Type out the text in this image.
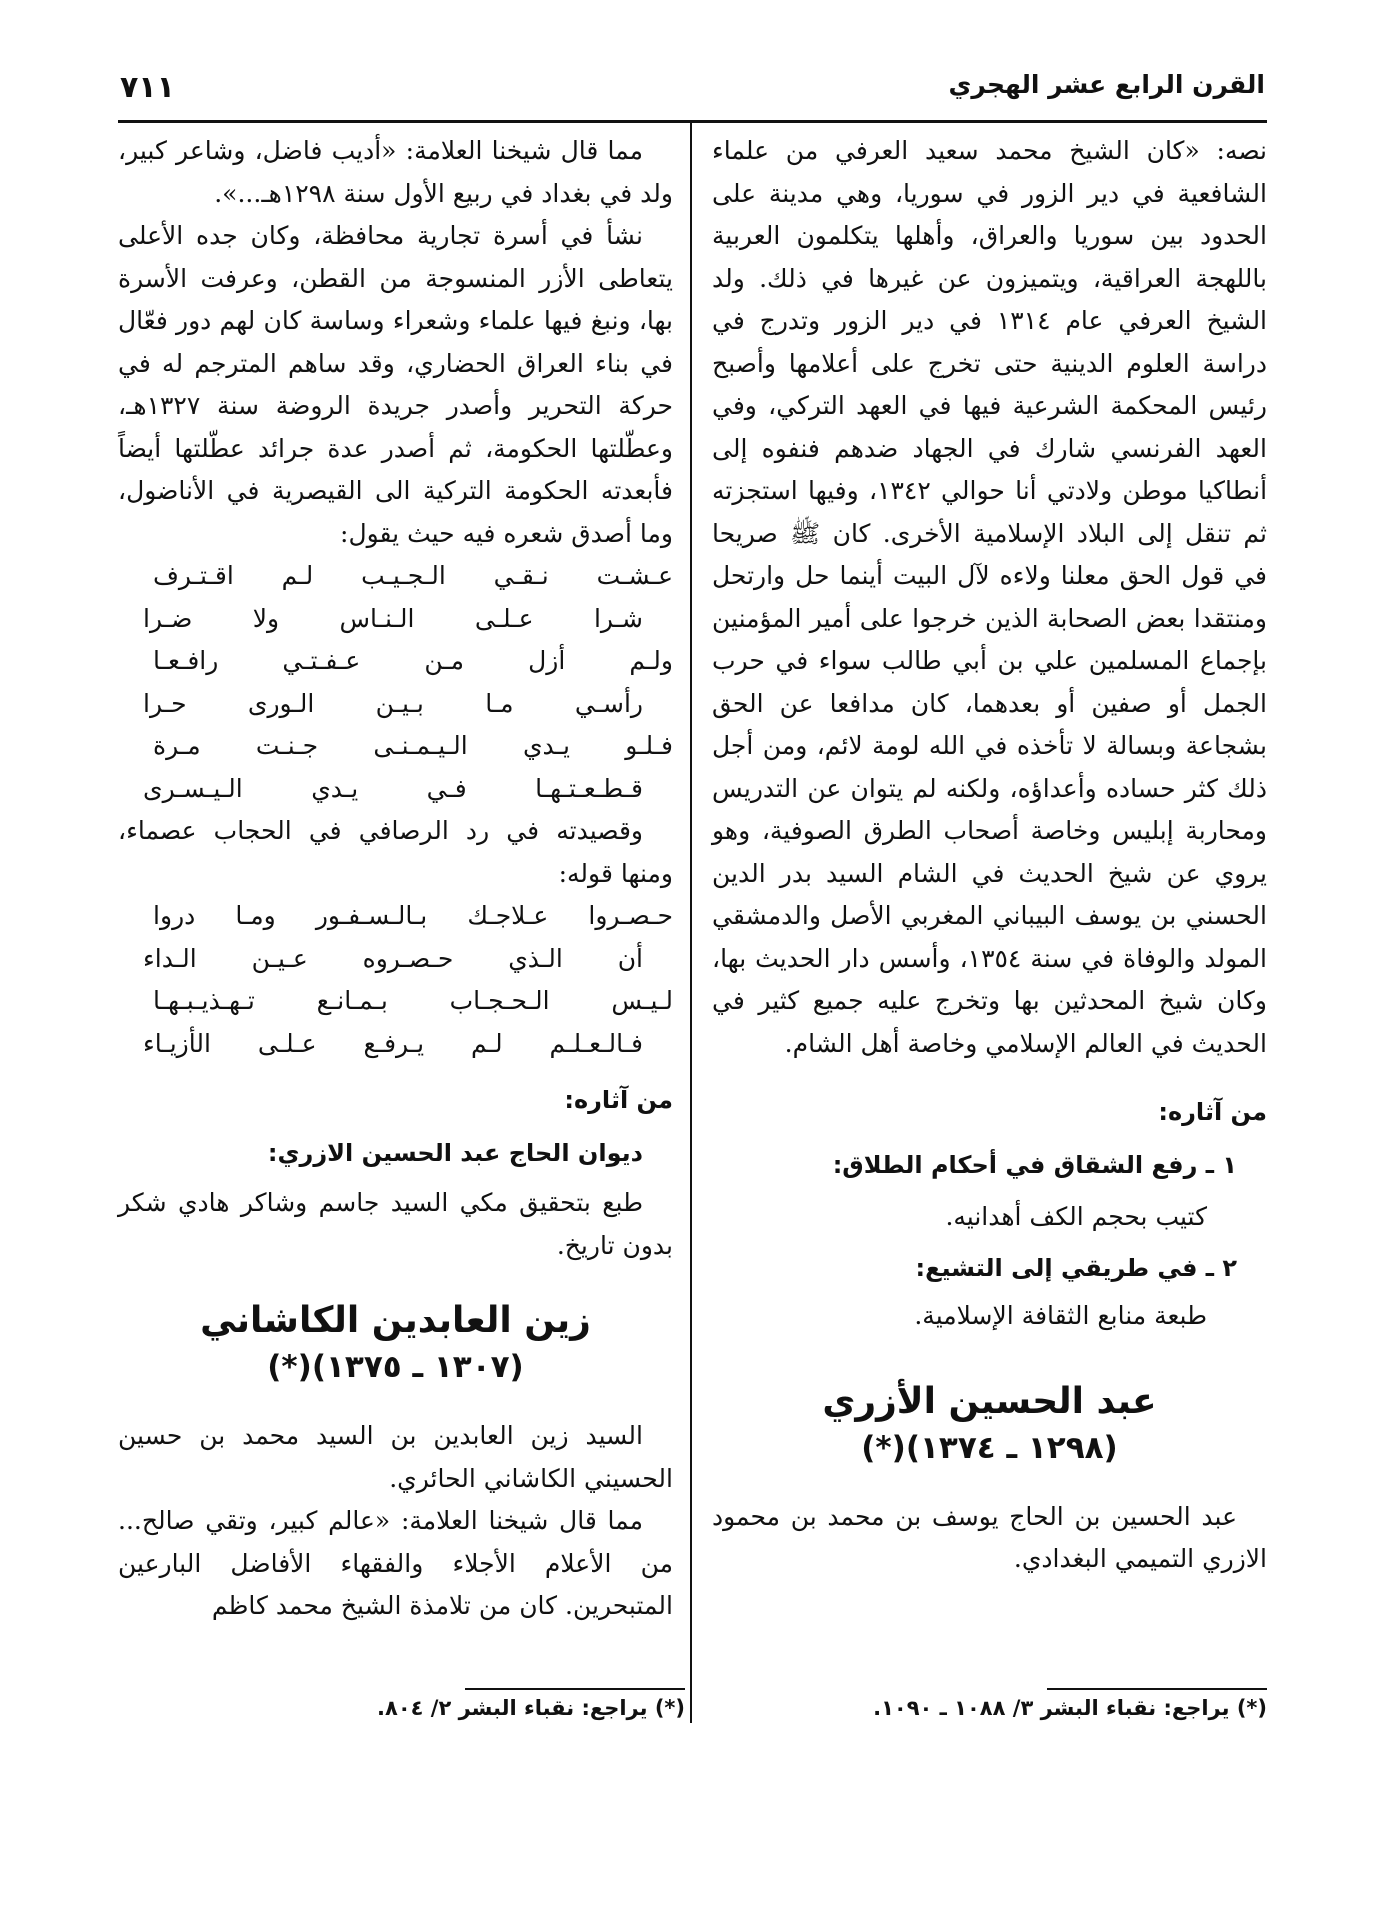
القرن الرابع عشر الهجري
٧١١

نصه: «كان الشيخ محمد سعيد العرفي من علماء الشافعية في دير الزور في سوريا، وهي مدينة على الحدود بين سوريا والعراق، وأهلها يتكلمون العربية باللهجة العراقية، ويتميزون عن غيرها في ذلك. ولد الشيخ العرفي عام ١٣١٤ في دير الزور وتدرج في دراسة العلوم الدينية حتى تخرج على أعلامها وأصبح رئيس المحكمة الشرعية فيها في العهد التركي، وفي العهد الفرنسي شارك في الجهاد ضدهم فنفوه إلى أنطاكيا موطن ولادتي أنا حوالي ١٣٤٢، وفيها استجزته ثم تنقل إلى البلاد الإسلامية الأخرى. كان ﷺ صريحا في قول الحق معلنا ولاءه لآل البيت أينما حل وارتحل ومنتقدا بعض الصحابة الذين خرجوا على أمير المؤمنين بإجماع المسلمين علي بن أبي طالب سواء في حرب الجمل أو صفين أو بعدهما، كان مدافعا عن الحق بشجاعة وبسالة لا تأخذه في الله لومة لائم، ومن أجل ذلك كثر حساده وأعداؤه، ولكنه لم يتوان عن التدريس ومحاربة إبليس وخاصة أصحاب الطرق الصوفية، وهو يروي عن شيخ الحديث في الشام السيد بدر الدين الحسني بن يوسف البيباني المغربي الأصل والدمشقي المولد والوفاة في سنة ١٣٥٤، وأسس دار الحديث بها، وكان شيخ المحدثين بها وتخرج عليه جميع كثير في الحديث في العالم الإسلامي وخاصة أهل الشام.

من آثاره:
١ ـ رفع الشقاق في أحكام الطلاق:
كتيب بحجم الكف أهدانيه.
٢ ـ في طريقي إلى التشيع:
طبعة منابع الثقافة الإسلامية.
عبد الحسين الأزري
(١٢٩٨ ـ ١٣٧٤)(*)

عبد الحسين بن الحاج يوسف بن محمد بن محمود الازري التميمي البغدادي.

مما قال شيخنا العلامة: «أديب فاضل، وشاعر كبير، ولد في بغداد في ربيع الأول سنة ١٢٩٨هـ...».

نشأ في أسرة تجارية محافظة، وكان جده الأعلى يتعاطى الأزر المنسوجة من القطن، وعرفت الأسرة بها، ونبغ فيها علماء وشعراء وساسة كان لهم دور فعّال في بناء العراق الحضاري، وقد ساهم المترجم له في حركة التحرير وأصدر جريدة الروضة سنة ١٣٢٧هـ، وعطّلتها الحكومة، ثم أصدر عدة جرائد عطّلتها أيضاً فأبعدته الحكومة التركية الى القيصرية في الأناضول، وما أصدق شعره فيه حيث يقول:

عـشـت
نـقـي
الـجـيـب
لـم
اقـتـرف
شـرا
عـلـى
الـنـاس
ولا
ضـرا
ولـم
أزل
مـن
عـفـتـي
رافـعـا
رأسـي
مـا
بـيـن
الـورى
حـرا
فـلـو
يـدي
الـيـمـنـى
جـنـت
مـرة
قـطـعـتـهـا
فـي
يـدي
الـيـسـرى

وقصيدته في رد الرصافي في الحجاب عصماء، ومنها قوله:

حـصـروا
عـلاجـك
بـالـسـفـور
ومـا
دروا
أن
الـذي
حـصـروه
عـيـن
الـداء
لـيـس
الـحـجـاب
بـمـانـع
تـهـذيـبـهـا
فـالـعـلـم
لـم
يـرفـع
عـلـى
الأزيـاء
من آثاره:
ديوان الحاج عبد الحسين الازري:

طبع بتحقيق مكي السيد جاسم وشاكر هادي شكر بدون تاريخ.

زين العابدين الكاشاني
(١٣٠٧ ـ ١٣٧٥)(*)

السيد زين العابدين بن السيد محمد بن حسين الحسيني الكاشاني الحائري.

مما قال شيخنا العلامة: «عالم كبير، وتقي صالح... من الأعلام الأجلاء والفقهاء الأفاضل البارعين المتبحرين. كان من تلامذة الشيخ محمد كاظم

(*) يراجع: نقباء البشر ٣/ ١٠٨٨ ـ ١٠٩٠.
(*) يراجع: نقباء البشر ٢/ ٨٠٤.
